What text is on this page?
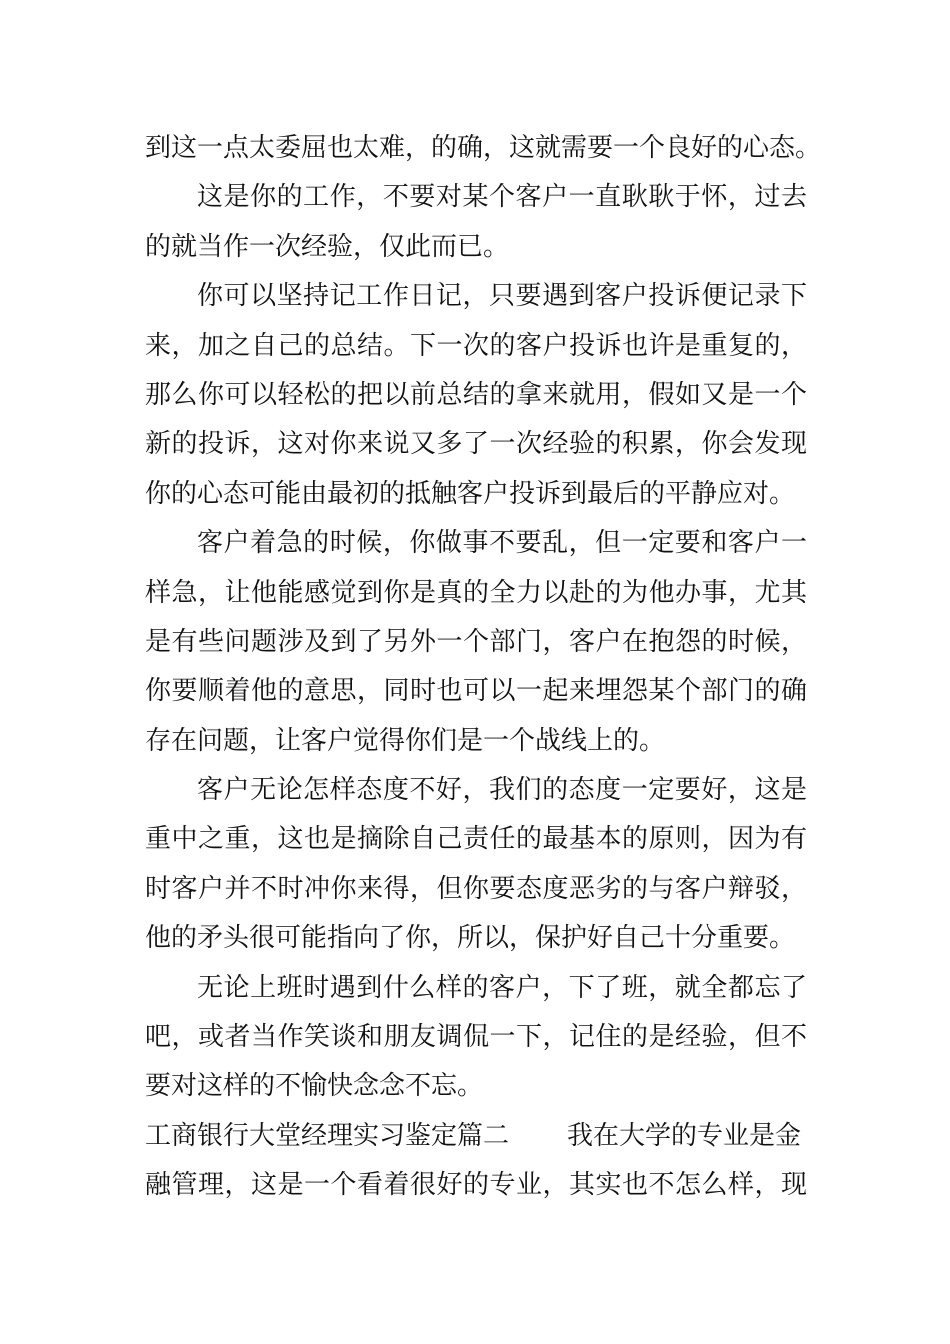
到这一点太委屈也太难，的确，这就需要一个良好的心态。
这是你的工作，不要对某个客户一直耿耿于怀，过去
的就当作一次经验，仅此而已。
你可以坚持记工作日记，只要遇到客户投诉便记录下
来，加之自己的总结。下一次的客户投诉也许是重复的，
那么你可以轻松的把以前总结的拿来就用，假如又是一个
新的投诉，这对你来说又多了一次经验的积累，你会发现
你的心态可能由最初的抵触客户投诉到最后的平静应对。
客户着急的时候，你做事不要乱，但一定要和客户一
样急，让他能感觉到你是真的全力以赴的为他办事，尤其
是有些问题涉及到了另外一个部门，客户在抱怨的时候，
你要顺着他的意思，同时也可以一起来埋怨某个部门的确
存在问题，让客户觉得你们是一个战线上的。
客户无论怎样态度不好，我们的态度一定要好，这是
重中之重，这也是摘除自己责任的最基本的原则，因为有
时客户并不时冲你来得，但你要态度恶劣的与客户辩驳，
他的矛头很可能指向了你，所以，保护好自己十分重要。
无论上班时遇到什么样的客户，下了班，就全都忘了
吧，或者当作笑谈和朋友调侃一下，记住的是经验，但不
要对这样的不愉快念念不忘。
工商银行大堂经理实习鉴定篇二 我在大学的专业是金
融管理，这是一个看着很好的专业，其实也不怎么样，现
